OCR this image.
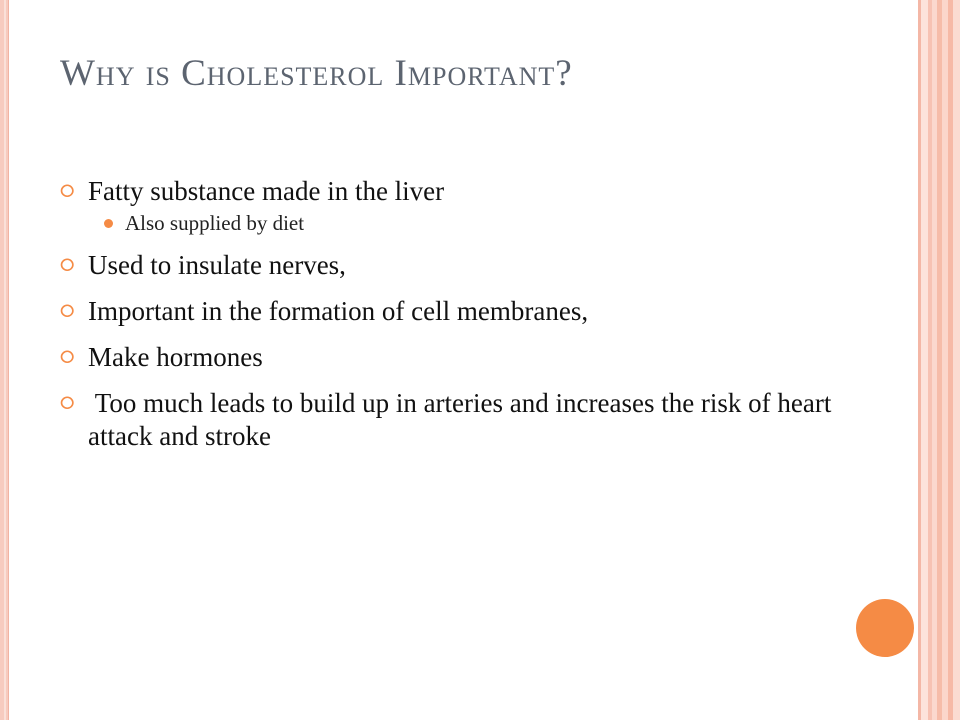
Why is Cholesterol Important?
⭘ Fatty substance made in the liver
Also supplied by diet
⭘ Used to insulate nerves,
⭘ Important in the formation of cell membranes,
⭘ Make hormones
⭘ Too much leads to build up in arteries and increases the risk of heart attack and stroke
